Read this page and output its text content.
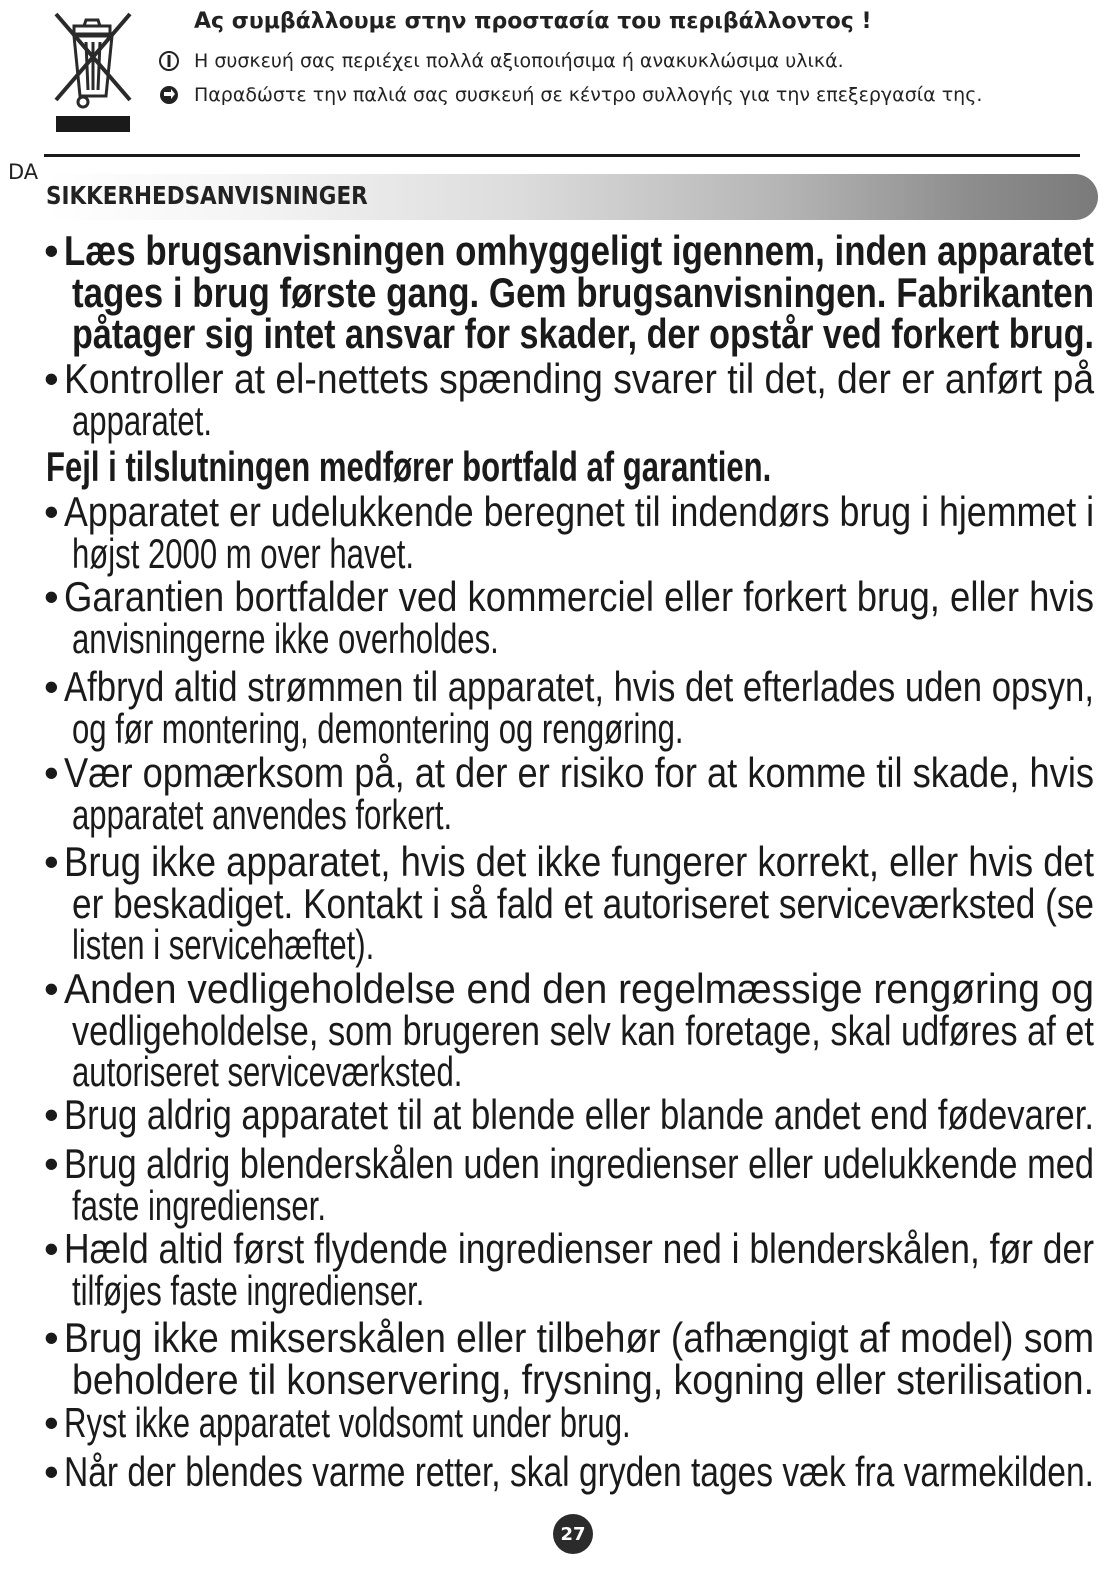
Ας συμβάλλουμε στην προστασία του περιβάλλοντος !
Η συσκευή σας περιέχει πολλά αξιοποιήσιμα ή ανακυκλώσιμα υλικά.
Παραδώστε την παλιά σας συσκευή σε κέντρο συλλογής για την επεξεργασία της.
DA
SIKKERHEDSANVISNINGER
• Læs brugsanvisningen omhyggeligt igennem, inden apparatet
tages i brug første gang. Gem brugsanvisningen. Fabrikanten
påtager sig intet ansvar for skader, der opstår ved forkert brug.
• Kontroller at el-nettets spænding svarer til det, der er anført på
apparatet.
Fejl i tilslutningen medfører bortfald af garantien.
• Apparatet er udelukkende beregnet til indendørs brug i hjemmet i
højst 2000 m over havet.
• Garantien bortfalder ved kommerciel eller forkert brug, eller hvis
anvisningerne ikke overholdes.
• Afbryd altid strømmen til apparatet, hvis det efterlades uden opsyn,
og før montering, demontering og rengøring.
• Vær opmærksom på, at der er risiko for at komme til skade, hvis
apparatet anvendes forkert.
• Brug ikke apparatet, hvis det ikke fungerer korrekt, eller hvis det
er beskadiget. Kontakt i så fald et autoriseret serviceværksted (se
listen i servicehæftet).
• Anden vedligeholdelse end den regelmæssige rengøring og
vedligeholdelse, som brugeren selv kan foretage, skal udføres af et
autoriseret serviceværksted.
• Brug aldrig apparatet til at blende eller blande andet end fødevarer.
• Brug aldrig blenderskålen uden ingredienser eller udelukkende med
faste ingredienser.
• Hæld altid først flydende ingredienser ned i blenderskålen, før der
tilføjes faste ingredienser.
• Brug ikke mikserskålen eller tilbehør (afhængigt af model) som
beholdere til konservering, frysning, kogning eller sterilisation.
• Ryst ikke apparatet voldsomt under brug.
• Når der blendes varme retter, skal gryden tages væk fra varmekilden.
27
